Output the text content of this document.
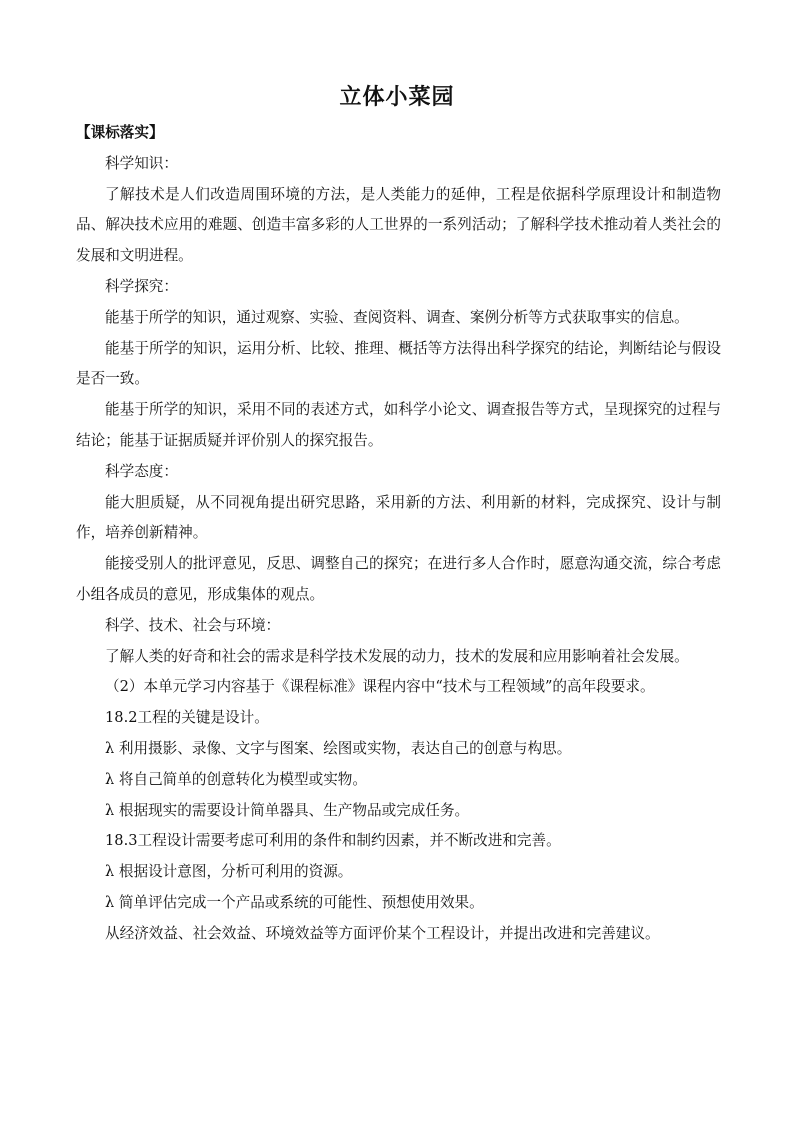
立体小菜园

【课标落实】

科学知识：

了解技术是人们改造周围环境的方法，是人类能力的延伸，工程是依据科学原理设计和制造物品、解决技术应用的难题、创造丰富多彩的人工世界的一系列活动；了解科学技术推动着人类社会的发展和文明进程。

科学探究：

能基于所学的知识，通过观察、实验、查阅资料、调查、案例分析等方式获取事实的信息。

能基于所学的知识，运用分析、比较、推理、概括等方法得出科学探究的结论，判断结论与假设是否一致。

能基于所学的知识，采用不同的表述方式，如科学小论文、调查报告等方式，呈现探究的过程与结论；能基于证据质疑并评价别人的探究报告。

科学态度：

能大胆质疑，从不同视角提出研究思路，采用新的方法、利用新的材料，完成探究、设计与制作，培养创新精神。

能接受别人的批评意见，反思、调整自己的探究；在进行多人合作时，愿意沟通交流，综合考虑小组各成员的意见，形成集体的观点。

科学、技术、社会与环境：

了解人类的好奇和社会的需求是科学技术发展的动力，技术的发展和应用影响着社会发展。

（2）本单元学习内容基于《课程标准》课程内容中“技术与工程领域”的高年段要求。

18.2工程的关键是设计。

λ 利用摄影、录像、文字与图案、绘图或实物，表达自己的创意与构思。

λ 将自己简单的创意转化为模型或实物。

λ 根据现实的需要设计简单器具、生产物品或完成任务。

18.3工程设计需要考虑可利用的条件和制约因素，并不断改进和完善。

λ 根据设计意图，分析可利用的资源。

λ 简单评估完成一个产品或系统的可能性、预想使用效果。

从经济效益、社会效益、环境效益等方面评价某个工程设计，并提出改进和完善建议。
